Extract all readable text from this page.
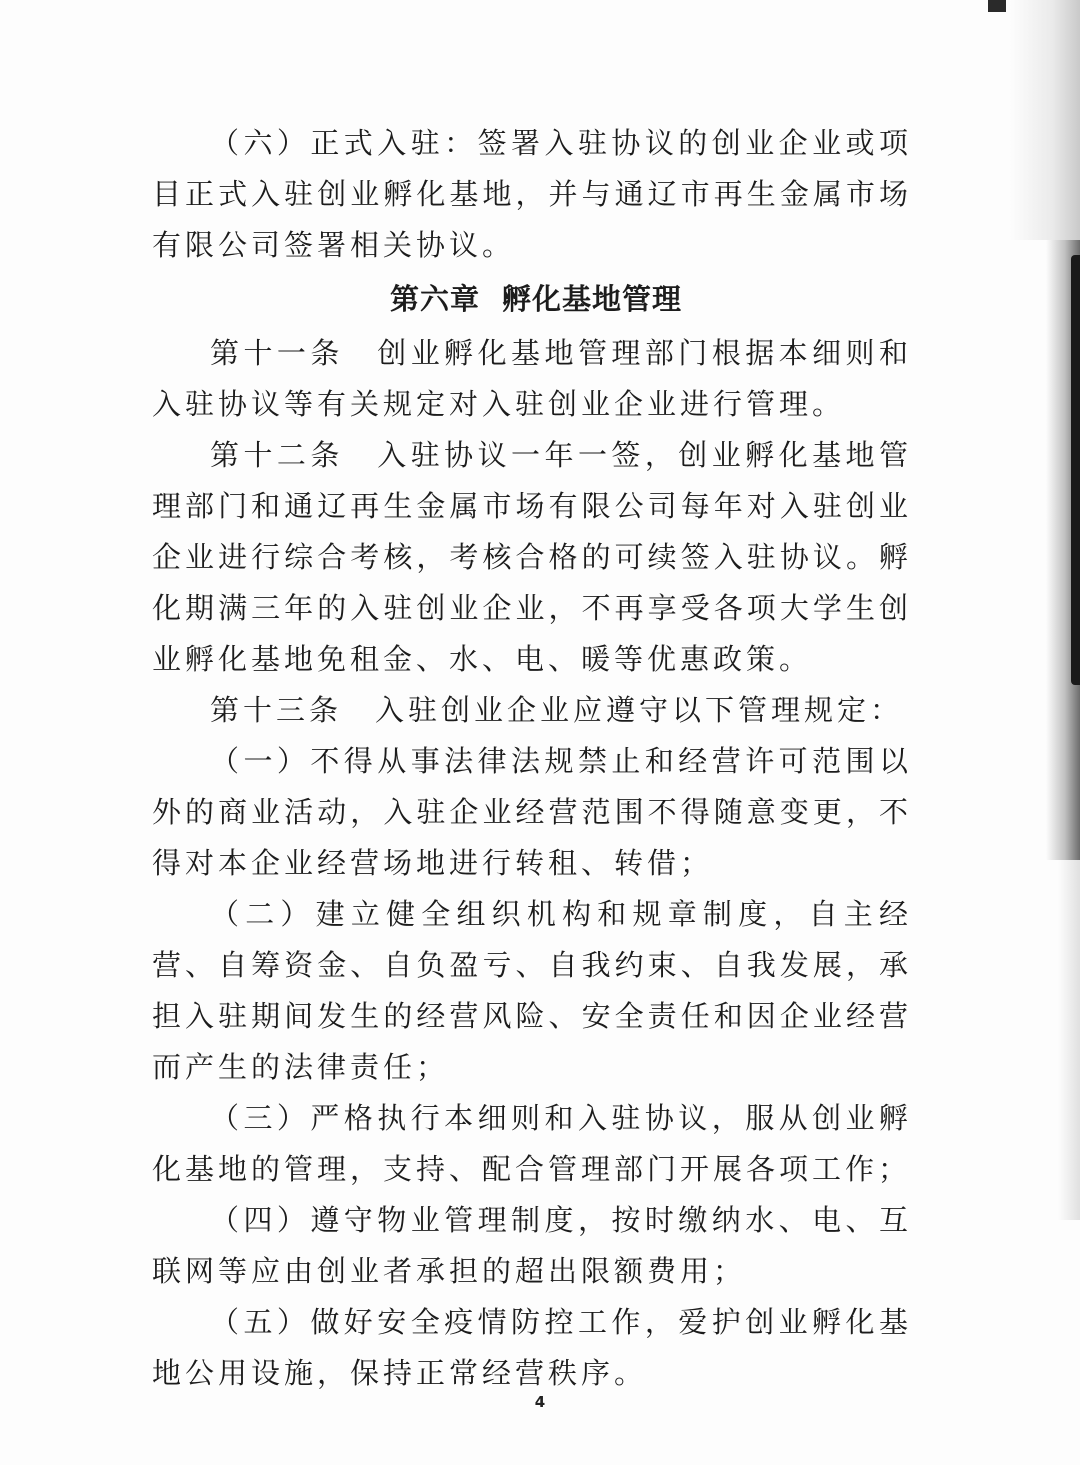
（六）正式入驻：签署入驻协议的创业企业或项目正式入驻创业孵化基地，并与通辽市再生金属市场有限公司签署相关协议。

第六章 孵化基地管理

第十一条　创业孵化基地管理部门根据本细则和入驻协议等有关规定对入驻创业企业进行管理。

第十二条　入驻协议一年一签，创业孵化基地管理部门和通辽再生金属市场有限公司每年对入驻创业企业进行综合考核，考核合格的可续签入驻协议。孵化期满三年的入驻创业企业，不再享受各项大学生创业孵化基地免租金、水、电、暖等优惠政策。

第十三条　入驻创业企业应遵守以下管理规定：

（一）不得从事法律法规禁止和经营许可范围以外的商业活动，入驻企业经营范围不得随意变更，不得对本企业经营场地进行转租、转借；

（二）建立健全组织机构和规章制度，自主经营、自筹资金、自负盈亏、自我约束、自我发展，承担入驻期间发生的经营风险、安全责任和因企业经营而产生的法律责任；

（三）严格执行本细则和入驻协议，服从创业孵化基地的管理，支持、配合管理部门开展各项工作；

（四）遵守物业管理制度，按时缴纳水、电、互联网等应由创业者承担的超出限额费用；

（五）做好安全疫情防控工作，爱护创业孵化基地公用设施，保持正常经营秩序。

4
